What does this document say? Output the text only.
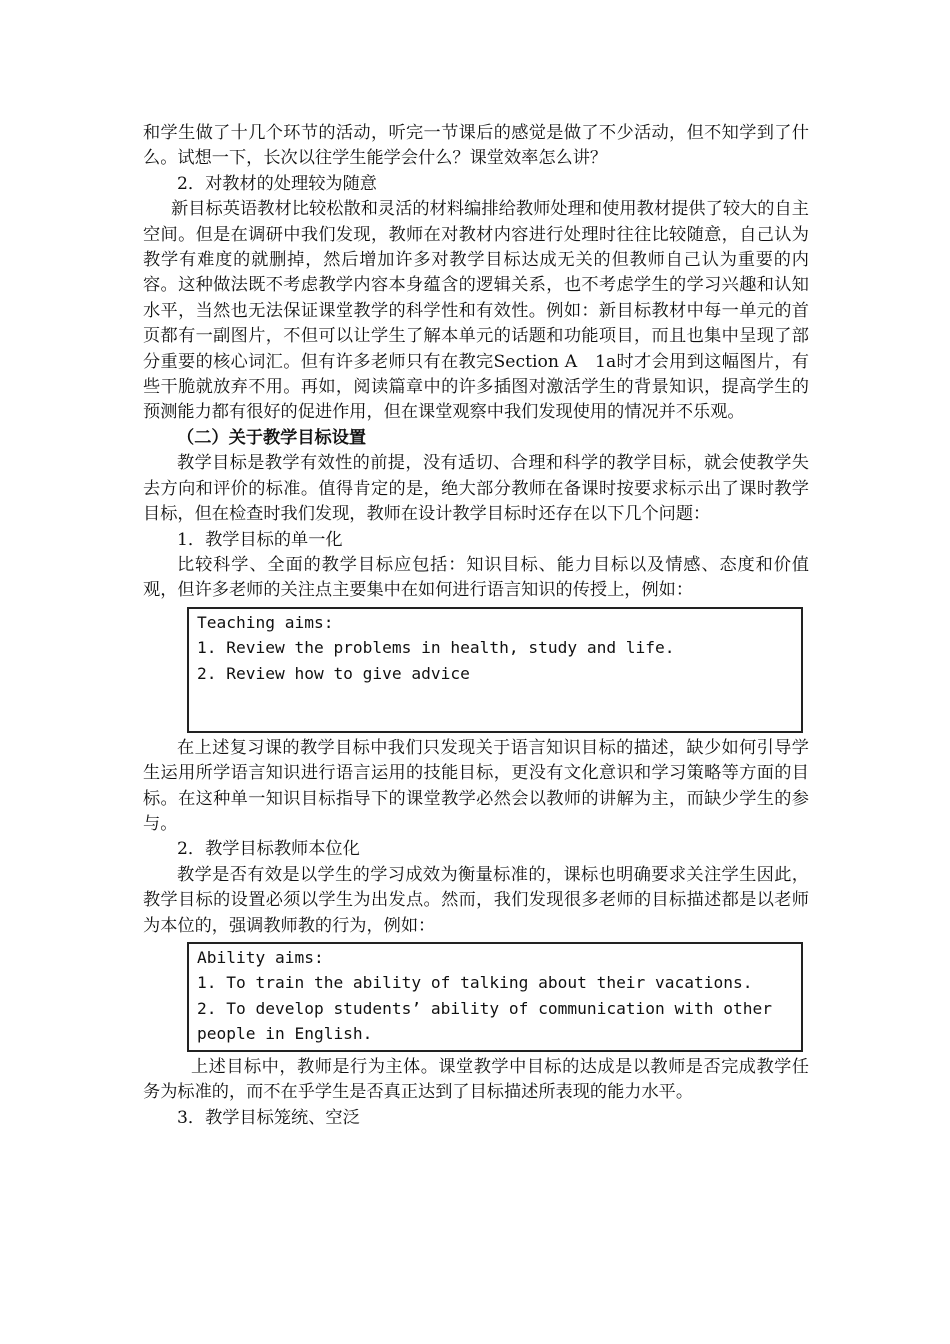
和学生做了十几个环节的活动，听完一节课后的感觉是做了不少活动，但不知学到了什么。试想一下，长次以往学生能学会什么？课堂效率怎么讲？

2．对教材的处理较为随意

新目标英语教材比较松散和灵活的材料编排给教师处理和使用教材提供了较大的自主空间。但是在调研中我们发现，教师在对教材内容进行处理时往往比较随意，自己认为教学有难度的就删掉，然后增加许多对教学目标达成无关的但教师自己认为重要的内容。这种做法既不考虑教学内容本身蕴含的逻辑关系，也不考虑学生的学习兴趣和认知水平，当然也无法保证课堂教学的科学性和有效性。例如：新目标教材中每一单元的首页都有一副图片，不但可以让学生了解本单元的话题和功能项目，而且也集中呈现了部分重要的核心词汇。但有许多老师只有在教完Section A　1a时才会用到这幅图片，有些干脆就放弃不用。再如，阅读篇章中的许多插图对激活学生的背景知识，提高学生的预测能力都有很好的促进作用，但在课堂观察中我们发现使用的情况并不乐观。

（二）关于教学目标设置

教学目标是教学有效性的前提，没有适切、合理和科学的教学目标，就会使教学失去方向和评价的标准。值得肯定的是，绝大部分教师在备课时按要求标示出了课时教学目标，但在检查时我们发现，教师在设计教学目标时还存在以下几个问题：

1．教学目标的单一化

比较科学、全面的教学目标应包括：知识目标、能力目标以及情感、态度和价值观，但许多老师的关注点主要集中在如何进行语言知识的传授上，例如：

Teaching aims:
1. Review the problems in health, study and life.
2. Review how to give advice

在上述复习课的教学目标中我们只发现关于语言知识目标的描述，缺少如何引导学生运用所学语言知识进行语言运用的技能目标，更没有文化意识和学习策略等方面的目标。在这种单一知识目标指导下的课堂教学必然会以教师的讲解为主，而缺少学生的参与。

2．教学目标教师本位化

教学是否有效是以学生的学习成效为衡量标准的，课标也明确要求关注学生因此，教学目标的设置必须以学生为出发点。然而，我们发现很多老师的目标描述都是以老师为本位的，强调教师教的行为，例如：

Ability aims:
1. To train the ability of talking about their vacations.
2. To develop students’ ability of communication with other people in English.

上述目标中，教师是行为主体。课堂教学中目标的达成是以教师是否完成教学任务为标准的，而不在乎学生是否真正达到了目标描述所表现的能力水平。

3．教学目标笼统、空泛
